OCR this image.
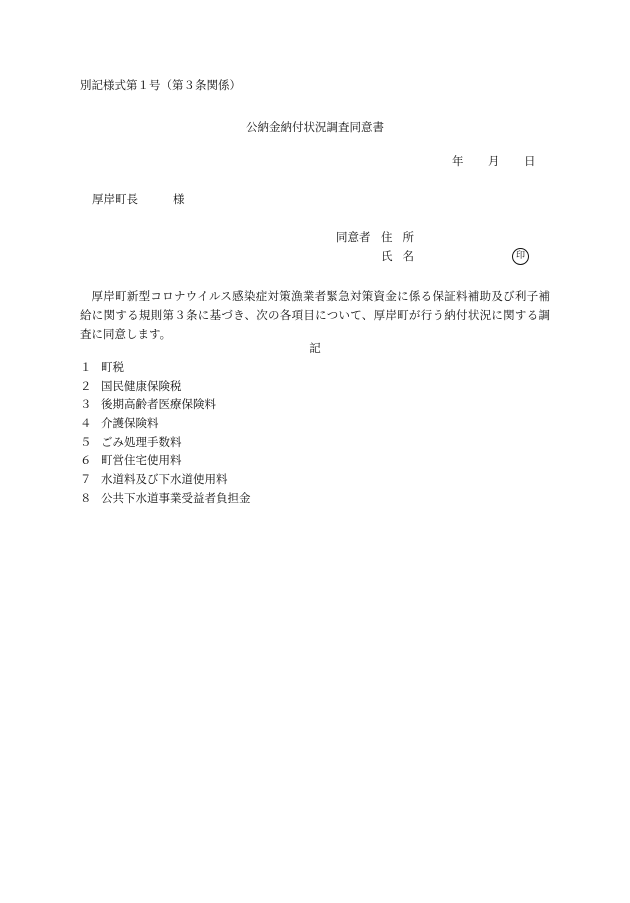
別記様式第１号（第３条関係）
公納金納付状況調査同意書
年 月 日
厚岸町長	様
同意者 住所
氏名	印
厚岸町新型コロナウイルス感染症対策漁業者緊急対策資金に係る保証料補助及び利子補給に関する規則第３条に基づき、次の各項目について、厚岸町が行う納付状況に関する調査に同意します。
記
１ 町税
２ 国民健康保険税
３ 後期高齢者医療保険料
４ 介護保険料
５ ごみ処理手数料
６ 町営住宅使用料
７ 水道料及び下水道使用料
８ 公共下水道事業受益者負担金
